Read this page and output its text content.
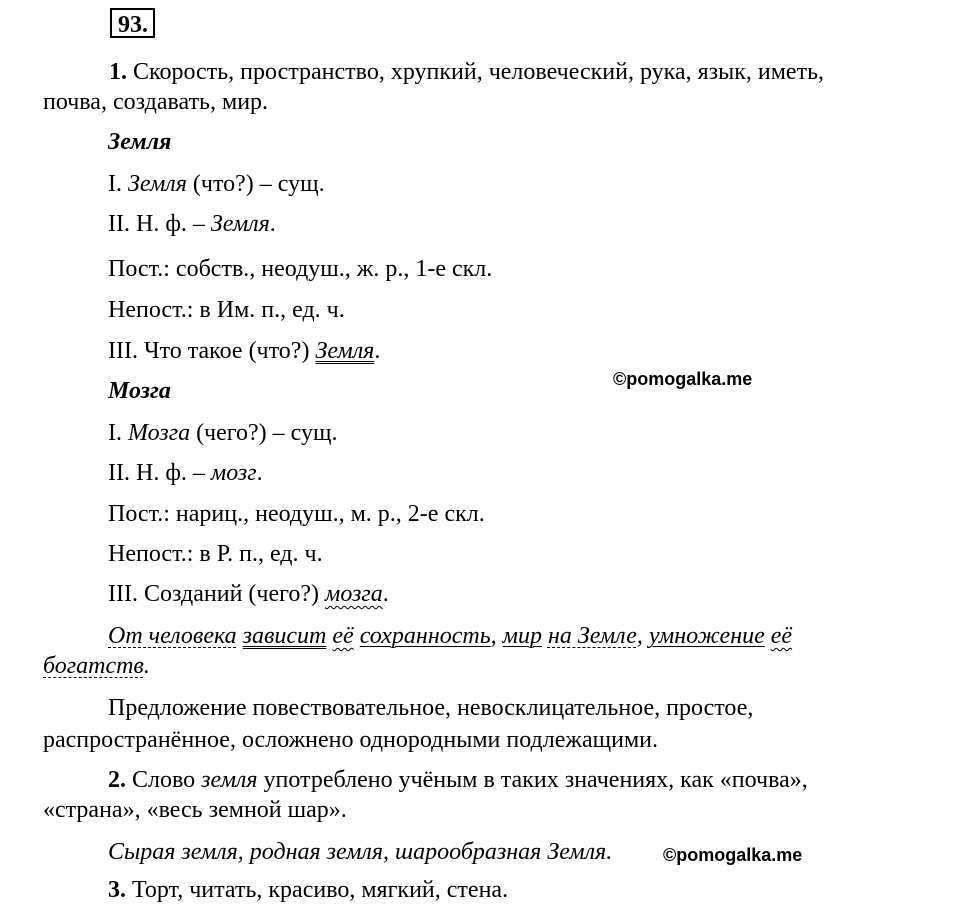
93.
1. Скорость, пространство, хрупкий, человеческий, рука, язык, иметь,
почва, создавать, мир.
Земля
I. Земля (что?) – сущ.
II. Н. ф. – Земля.
Пост.: собств., неодуш., ж. р., 1-е скл.
Непост.: в Им. п., ед. ч.
III. Что такое (что?) Земля.
©pomogalka.me
Мозга
I. Мозга (чего?) – сущ.
II. Н. ф. – мозг.
Пост.: нариц., неодуш., м. р., 2-е скл.
Непост.: в Р. п., ед. ч.
III. Созданий (чего?) мозга.
От человека зависит её сохранность, мир на Земле, умножение её
богатств.
Предложение повествовательное, невосклицательное, простое,
распространённое, осложнено однородными подлежащими.
2. Слово земля употреблено учёным в таких значениях, как «почва»,
«страна», «весь земной шар».
Сырая земля, родная земля, шарообразная Земля.	©pomogalka.me
3. Торт, читать, красиво, мягкий, стена.
